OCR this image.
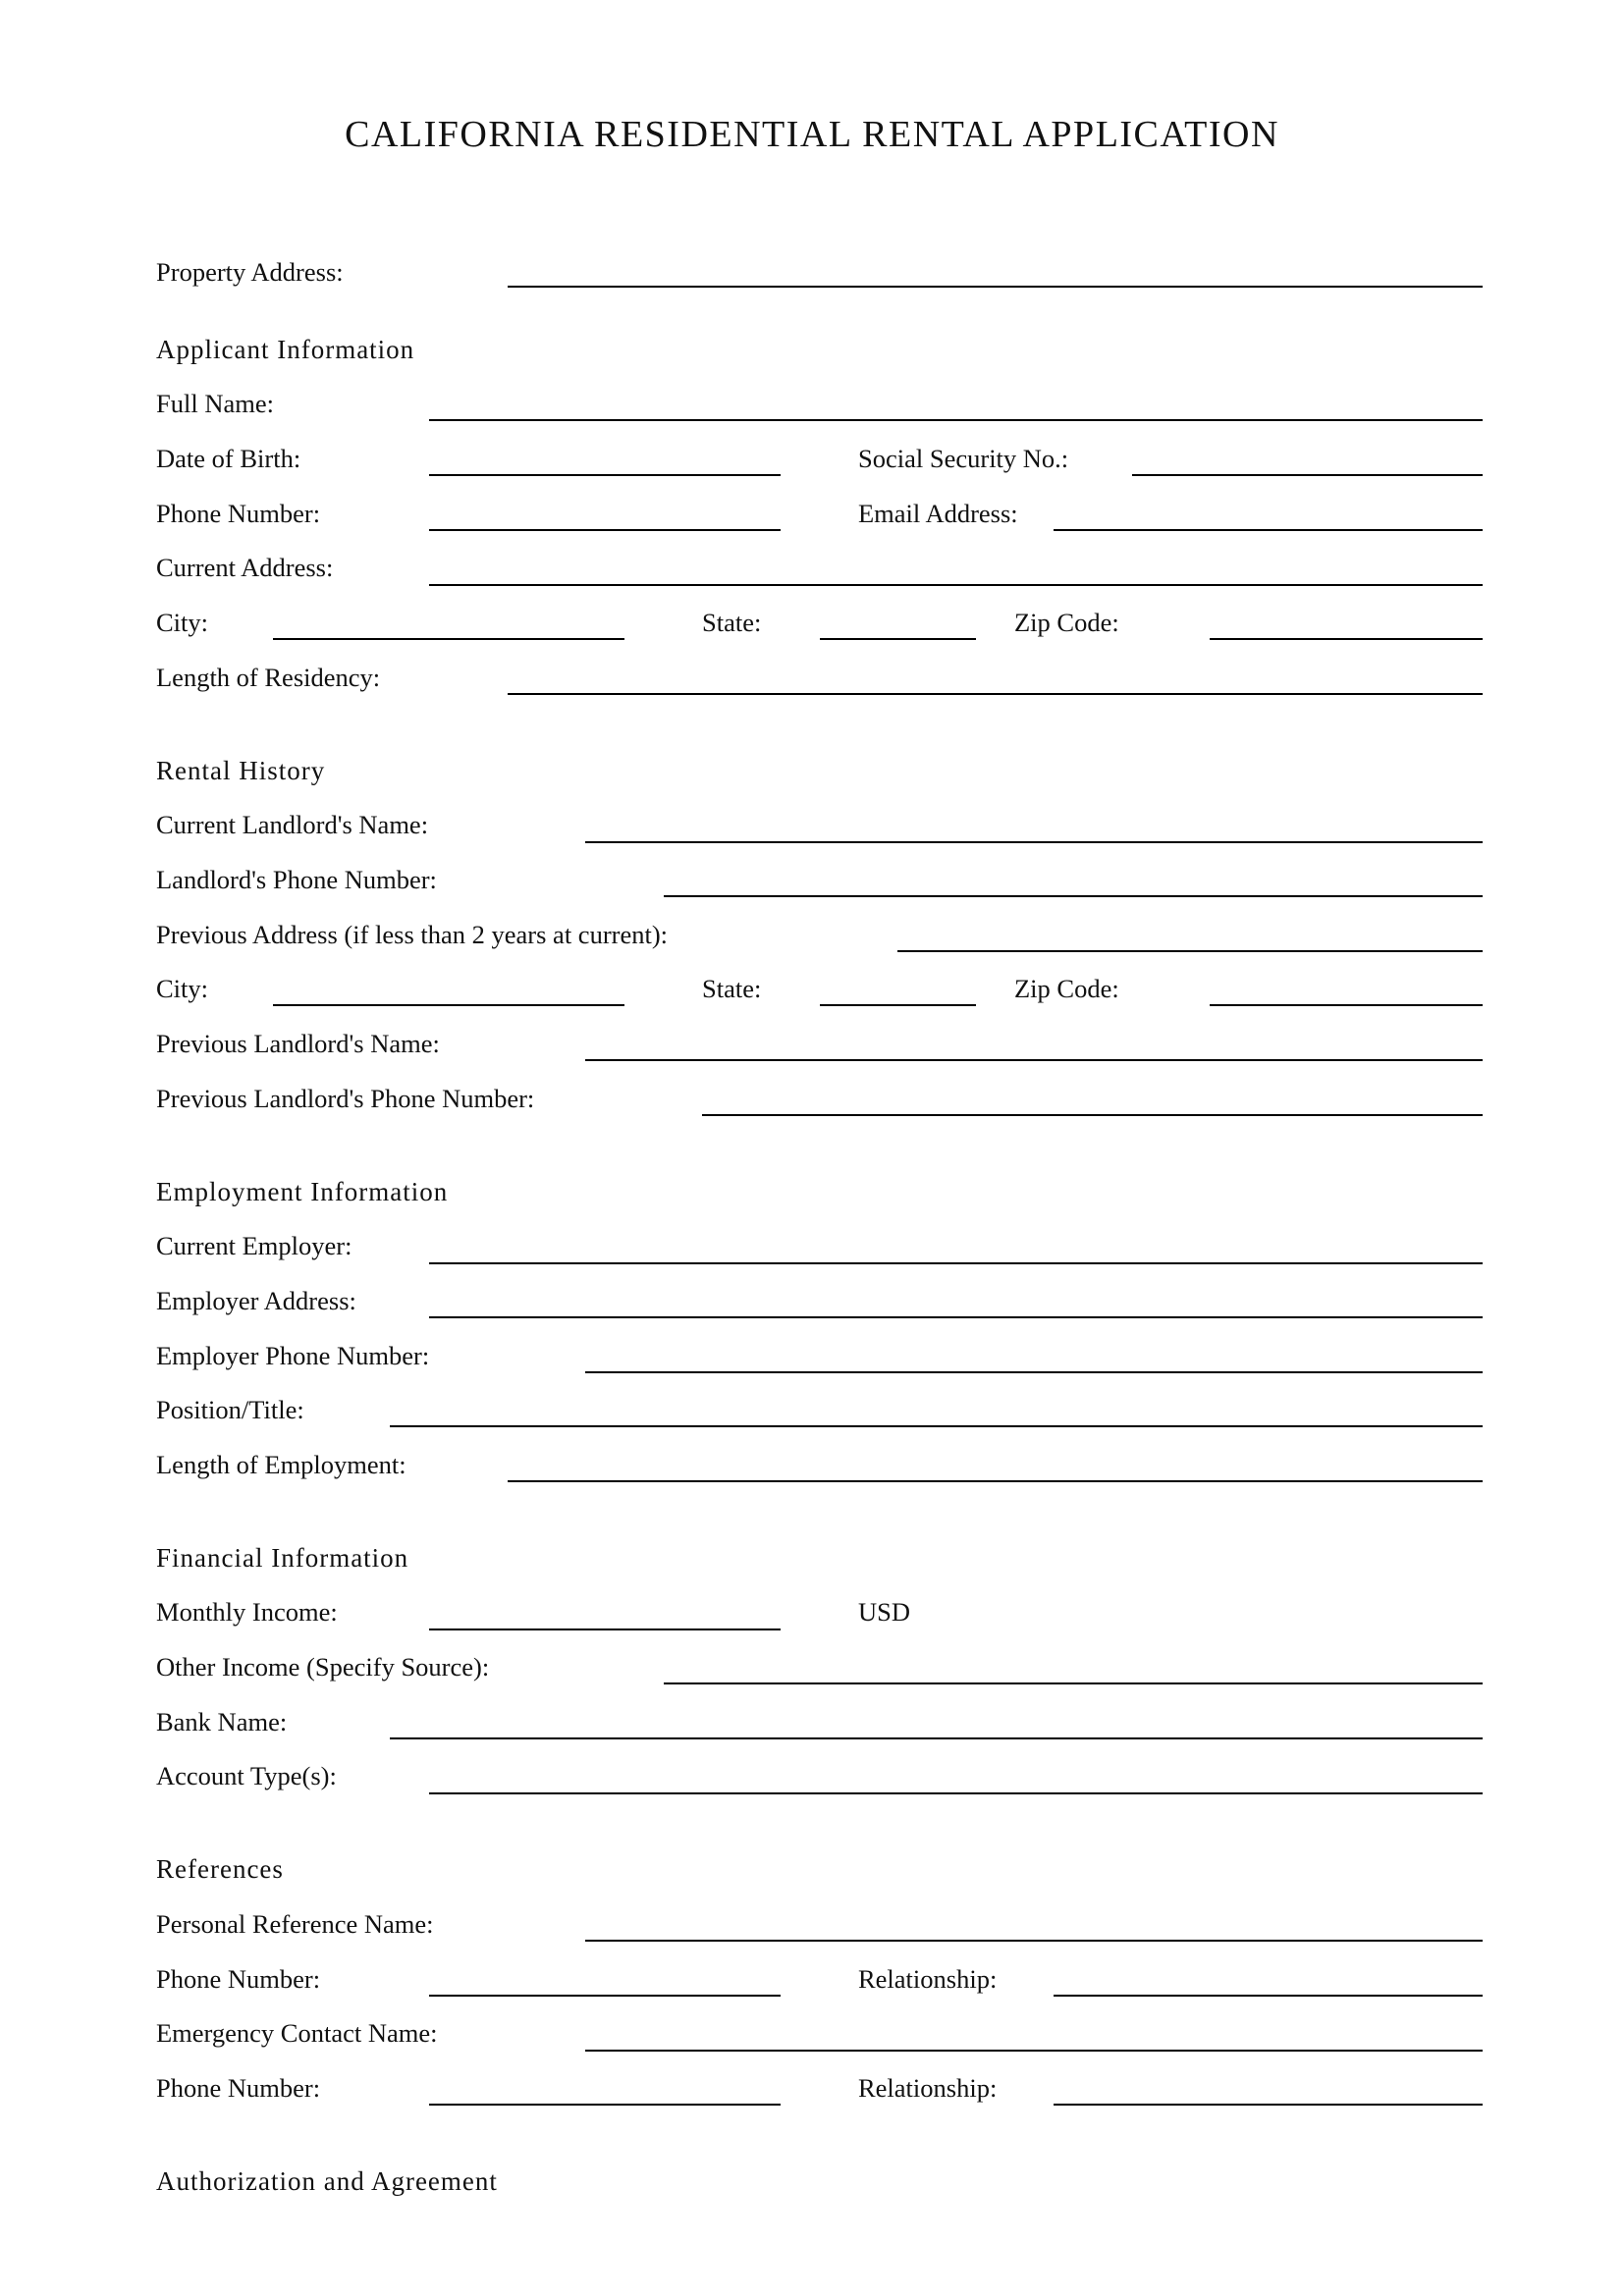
CALIFORNIA RESIDENTIAL RENTAL APPLICATION
Property Address:
Applicant Information
Full Name:
Date of Birth:	Social Security No.:
Phone Number:	Email Address:
Current Address:
City:	State:	Zip Code:
Length of Residency:
Rental History
Current Landlord's Name:
Landlord's Phone Number:
Previous Address (if less than 2 years at current):
City:	State:	Zip Code:
Previous Landlord's Name:
Previous Landlord's Phone Number:
Employment Information
Current Employer:
Employer Address:
Employer Phone Number:
Position/Title:
Length of Employment:
Financial Information
Monthly Income:	USD
Other Income (Specify Source):
Bank Name:
Account Type(s):
References
Personal Reference Name:
Phone Number:	Relationship:
Emergency Contact Name:
Phone Number:	Relationship:
Authorization and Agreement
